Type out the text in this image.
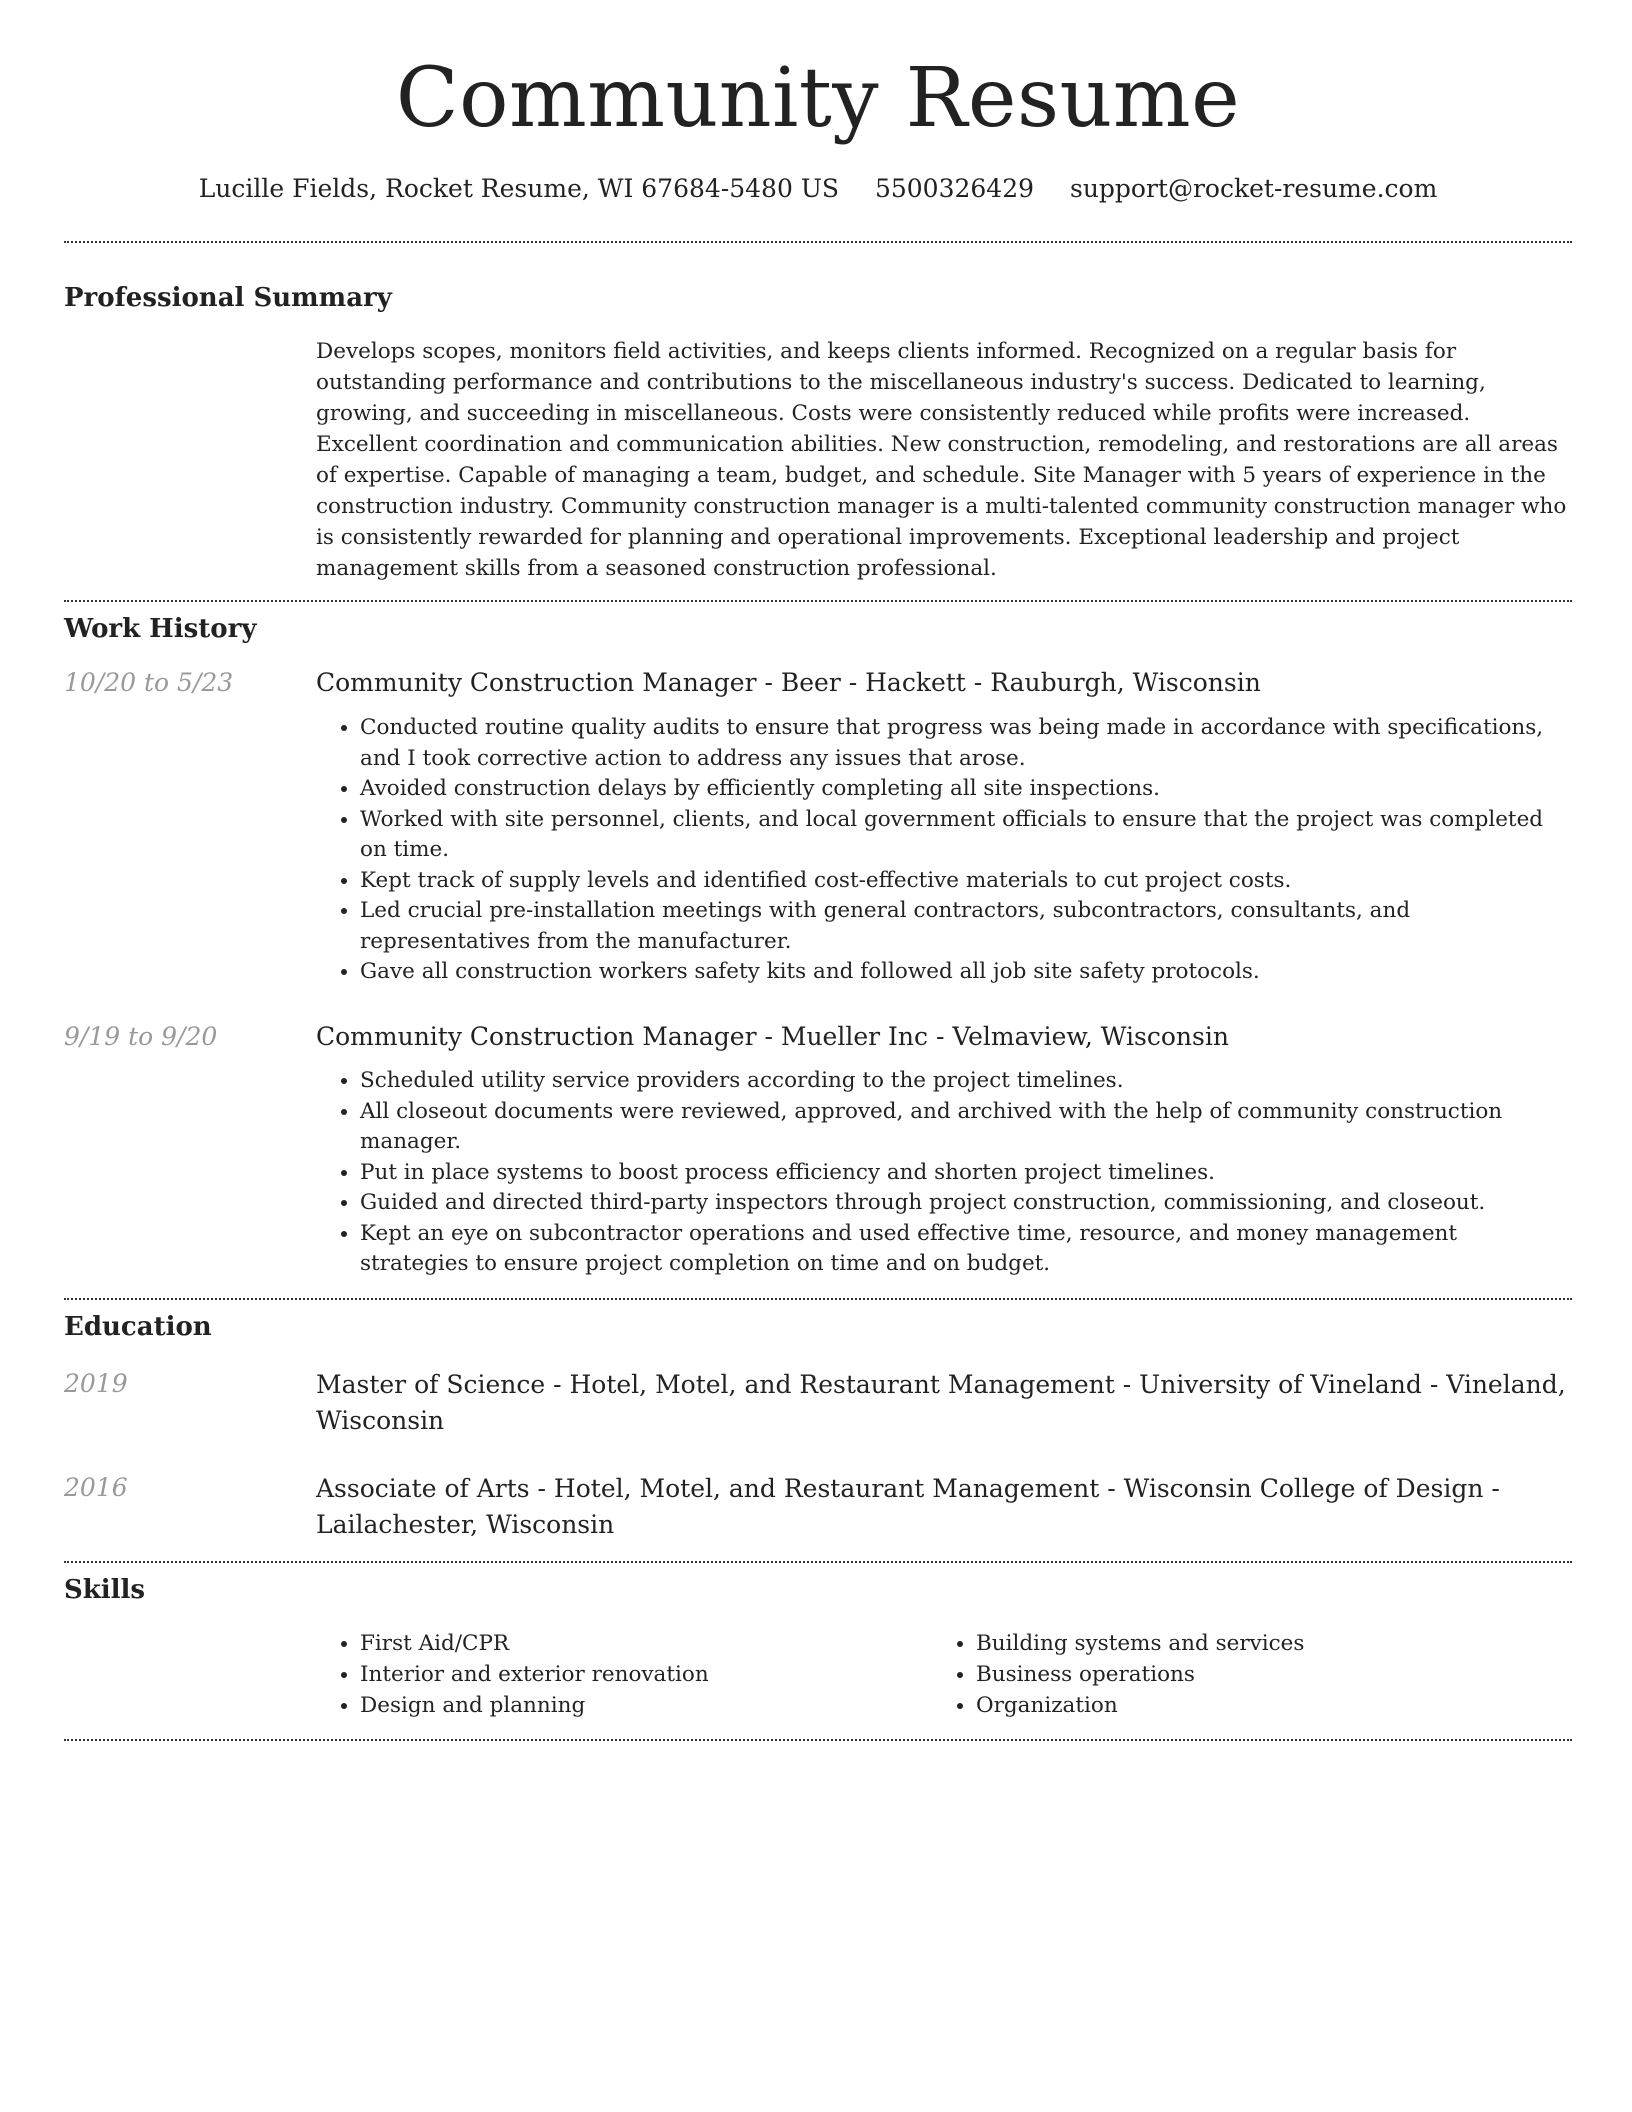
Community Resume
Lucille Fields, Rocket Resume, WI 67684-5480 US 5500326429 support@rocket-resume.com
Professional Summary

Develops scopes, monitors field activities, and keeps clients informed. Recognized on a regular basis for outstanding performance and contributions to the miscellaneous industry's success. Dedicated to learning, growing, and succeeding in miscellaneous. Costs were consistently reduced while profits were increased. Excellent coordination and communication abilities. New construction, remodeling, and restorations are all areas of expertise. Capable of managing a team, budget, and schedule. Site Manager with 5 years of experience in the construction industry. Community construction manager is a multi-talented community construction manager who is consistently rewarded for planning and operational improvements. Exceptional leadership and project management skills from a seasoned construction professional.

Work History
10/20 to 5/23	Community Construction Manager - Beer - Hackett - Rauburgh, Wisconsin

• Conducted routine quality audits to ensure that progress was being made in accordance with specifications, and I took corrective action to address any issues that arose.
• Avoided construction delays by efficiently completing all site inspections.
• Worked with site personnel, clients, and local government officials to ensure that the project was completed on time.
• Kept track of supply levels and identified cost-effective materials to cut project costs.
• Led crucial pre-installation meetings with general contractors, subcontractors, consultants, and representatives from the manufacturer.
• Gave all construction workers safety kits and followed all job site safety protocols.
9/19 to 9/20	Community Construction Manager - Mueller Inc - Velmaview, Wisconsin

• Scheduled utility service providers according to the project timelines.
• All closeout documents were reviewed, approved, and archived with the help of community construction manager.
• Put in place systems to boost process efficiency and shorten project timelines.
• Guided and directed third-party inspectors through project construction, commissioning, and closeout.
• Kept an eye on subcontractor operations and used effective time, resource, and money management strategies to ensure project completion on time and on budget.
Education
2019	Master of Science - Hotel, Motel, and Restaurant Management - University of Vineland - Vineland, Wisconsin

2016	Associate of Arts - Hotel, Motel, and Restaurant Management - Wisconsin College of Design - Lailachester, Wisconsin

Skills
• First Aid/CPR
• Interior and exterior renovation
• Design and planning
• Building systems and services
• Business operations
• Organization
